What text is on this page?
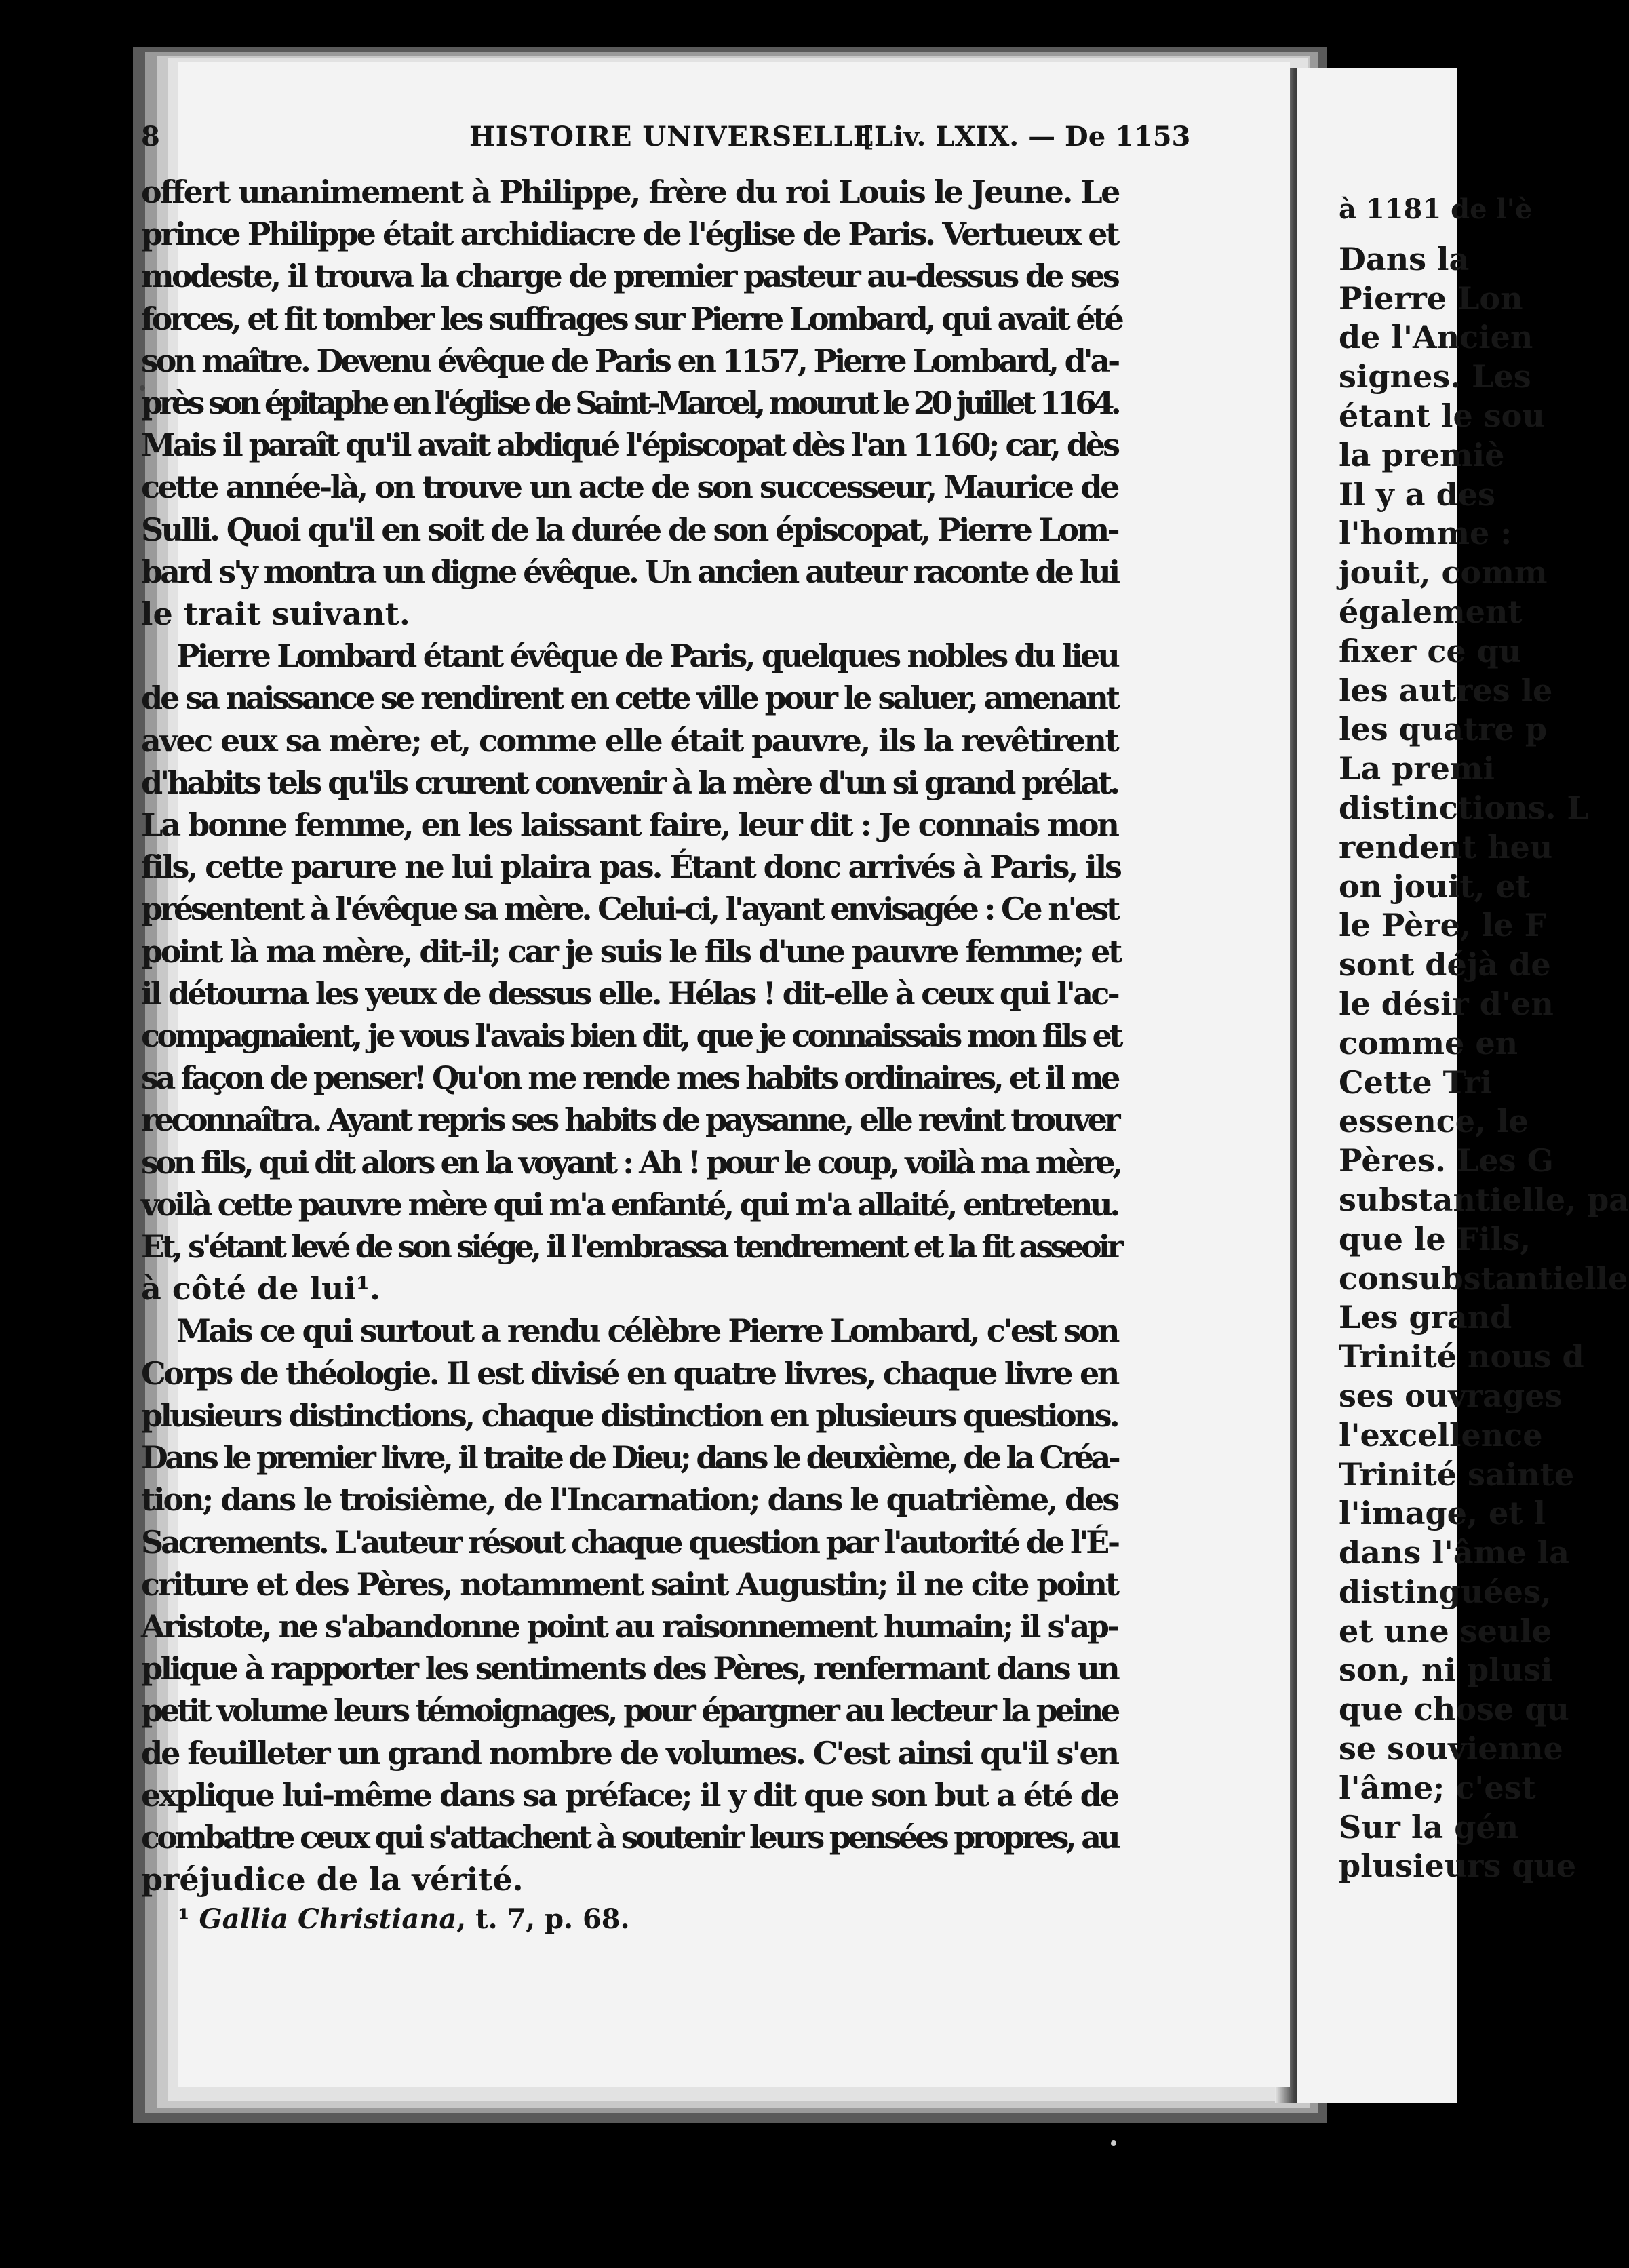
8	HISTOIRE UNIVERSELLE
[Liv. LXIX. — De 1153
offert unanimement à Philippe, frère du roi Louis le Jeune. Le
prince Philippe était archidiacre de l'église de Paris. Vertueux et
modeste, il trouva la charge de premier pasteur au-dessus de ses
forces, et fit tomber les suffrages sur Pierre Lombard, qui avait été
son maître. Devenu évêque de Paris en 1157, Pierre Lombard, d'a-
près son épitaphe en l'église de Saint-Marcel, mourut le 20 juillet 1164.
Mais il paraît qu'il avait abdiqué l'épiscopat dès l'an 1160; car, dès
cette année-là, on trouve un acte de son successeur, Maurice de
Sulli. Quoi qu'il en soit de la durée de son épiscopat, Pierre Lom-
bard s'y montra un digne évêque. Un ancien auteur raconte de lui
le trait suivant.
Pierre Lombard étant évêque de Paris, quelques nobles du lieu
de sa naissance se rendirent en cette ville pour le saluer, amenant
avec eux sa mère; et, comme elle était pauvre, ils la revêtirent
d'habits tels qu'ils crurent convenir à la mère d'un si grand prélat.
La bonne femme, en les laissant faire, leur dit : Je connais mon
fils, cette parure ne lui plaira pas. Étant donc arrivés à Paris, ils
présentent à l'évêque sa mère. Celui-ci, l'ayant envisagée : Ce n'est
point là ma mère, dit-il; car je suis le fils d'une pauvre femme; et
il détourna les yeux de dessus elle. Hélas ! dit-elle à ceux qui l'ac-
compagnaient, je vous l'avais bien dit, que je connaissais mon fils et
sa façon de penser! Qu'on me rende mes habits ordinaires, et il me
reconnaîtra. Ayant repris ses habits de paysanne, elle revint trouver
son fils, qui dit alors en la voyant : Ah ! pour le coup, voilà ma mère,
voilà cette pauvre mère qui m'a enfanté, qui m'a allaité, entretenu.
Et, s'étant levé de son siége, il l'embrassa tendrement et la fit asseoir
à côté de lui¹.
Mais ce qui surtout a rendu célèbre Pierre Lombard, c'est son
Corps de théologie. Il est divisé en quatre livres, chaque livre en
plusieurs distinctions, chaque distinction en plusieurs questions.
Dans le premier livre, il traite de Dieu; dans le deuxième, de la Créa-
tion; dans le troisième, de l'Incarnation; dans le quatrième, des
Sacrements. L'auteur résout chaque question par l'autorité de l'É-
criture et des Pères, notamment saint Augustin; il ne cite point
Aristote, ne s'abandonne point au raisonnement humain; il s'ap-
plique à rapporter les sentiments des Pères, renfermant dans un
petit volume leurs témoignages, pour épargner au lecteur la peine
de feuilleter un grand nombre de volumes. C'est ainsi qu'il s'en
explique lui-même dans sa préface; il y dit que son but a été de
combattre ceux qui s'attachent à soutenir leurs pensées propres, au
préjudice de la vérité.
¹ Gallia Christiana, t. 7, p. 68.
à 1181 de l'è
Dans la
Pierre Lon
de l'Ancien
signes. Les
étant le sou
la premiè
Il y a des
l'homme :
jouit, comm
également
fixer ce qu
les autres le
les quatre p
La premi
distinctions. L
rendent heu
on jouit, et
le Père, le F
sont déjà de
le désir d'en
comme en
Cette Tri
essence, le
Pères. Les G
substantielle, pa
que le Fils,
consubstantielle
Les grand
Trinité nous d
ses ouvrages
l'excellence
Trinité sainte
l'image, et l
dans l'âme la
distinguées,
et une seule
son, ni plusi
que chose qu
se souvienne
l'âme; c'est
Sur la gén
plusieurs que
